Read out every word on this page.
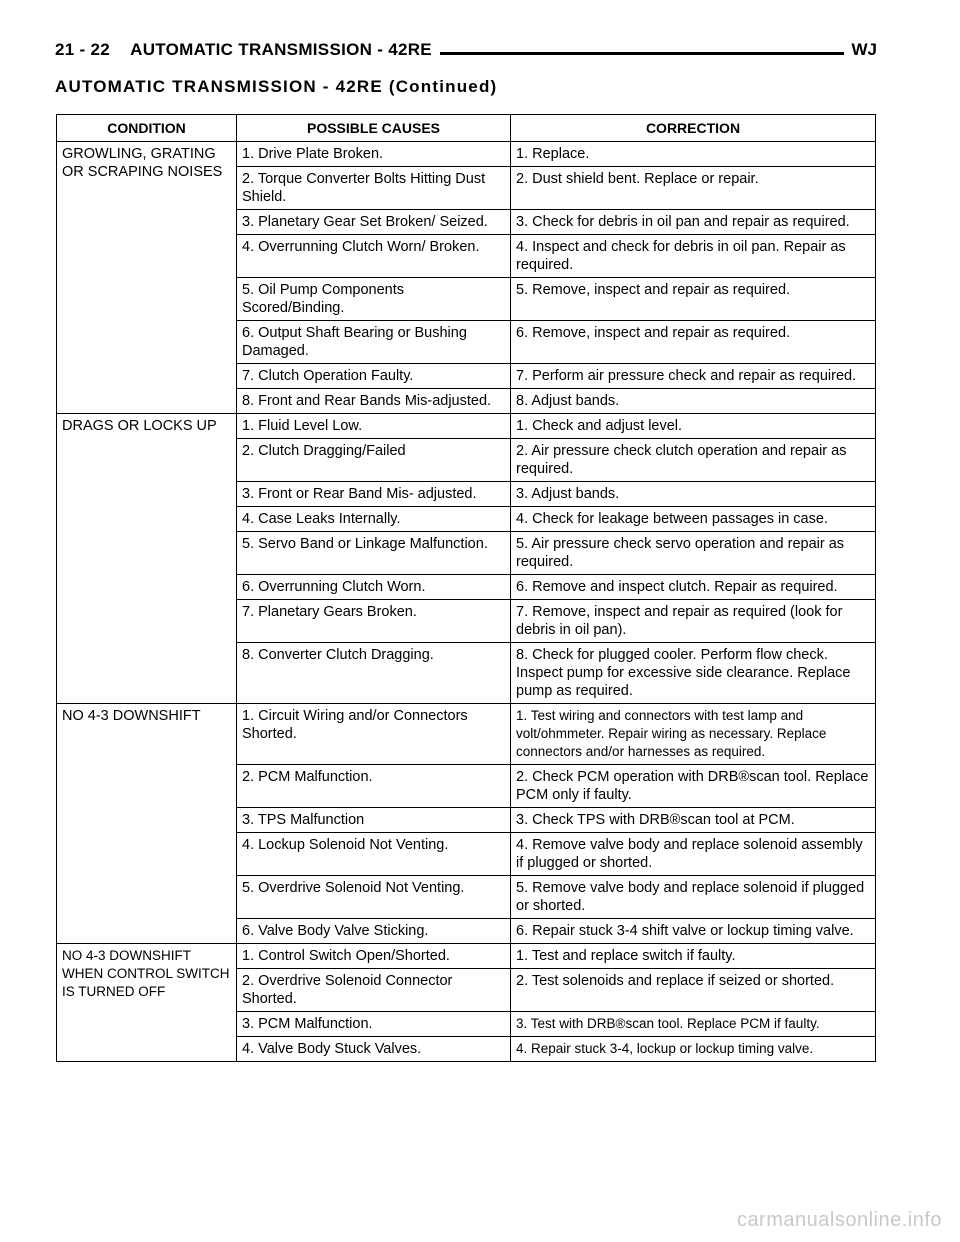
21 - 22 AUTOMATIC TRANSMISSION - 42RE	WJ
AUTOMATIC TRANSMISSION - 42RE (Continued)
CONDITION	POSSIBLE CAUSES	CORRECTION
GROWLING, GRATING OR SCRAPING NOISES	1. Drive Plate Broken.	1. Replace.
	2. Torque Converter Bolts Hitting Dust Shield.	2. Dust shield bent. Replace or repair.
	3. Planetary Gear Set Broken/ Seized.	3. Check for debris in oil pan and repair as required.
	4. Overrunning Clutch Worn/ Broken.	4. Inspect and check for debris in oil pan. Repair as required.
	5. Oil Pump Components Scored/Binding.	5. Remove, inspect and repair as required.
	6. Output Shaft Bearing or Bushing Damaged.	6. Remove, inspect and repair as required.
	7. Clutch Operation Faulty.	7. Perform air pressure check and repair as required.
	8. Front and Rear Bands Mis-adjusted.	8. Adjust bands.
DRAGS OR LOCKS UP	1. Fluid Level Low.	1. Check and adjust level.
	2. Clutch Dragging/Failed	2. Air pressure check clutch operation and repair as required.
	3. Front or Rear Band Mis- adjusted.	3. Adjust bands.
	4. Case Leaks Internally.	4. Check for leakage between passages in case.
	5. Servo Band or Linkage Malfunction.	5. Air pressure check servo operation and repair as required.
	6. Overrunning Clutch Worn.	6. Remove and inspect clutch. Repair as required.
	7. Planetary Gears Broken.	7. Remove, inspect and repair as required (look for debris in oil pan).
	8. Converter Clutch Dragging.	8. Check for plugged cooler. Perform flow check. Inspect pump for excessive side clearance. Replace pump as required.
NO 4-3 DOWNSHIFT	1. Circuit Wiring and/or Connectors Shorted.	1. Test wiring and connectors with test lamp and volt/ohmmeter. Repair wiring as necessary. Replace connectors and/or harnesses as required.
	2. PCM Malfunction.	2. Check PCM operation with DRB®scan tool. Replace PCM only if faulty.
	3. TPS Malfunction	3. Check TPS with DRB®scan tool at PCM.
	4. Lockup Solenoid Not Venting.	4. Remove valve body and replace solenoid assembly if plugged or shorted.
	5. Overdrive Solenoid Not Venting.	5. Remove valve body and replace solenoid if plugged or shorted.
	6. Valve Body Valve Sticking.	6. Repair stuck 3-4 shift valve or lockup timing valve.
NO 4-3 DOWNSHIFT WHEN CONTROL SWITCH IS TURNED OFF	1. Control Switch Open/Shorted.	1. Test and replace switch if faulty.
	2. Overdrive Solenoid Connector Shorted.	2. Test solenoids and replace if seized or shorted.
	3. PCM Malfunction.	3. Test with DRB®scan tool. Replace PCM if faulty.
	4. Valve Body Stuck Valves.	4. Repair stuck 3-4, lockup or lockup timing valve.
carmanualsonline.info
